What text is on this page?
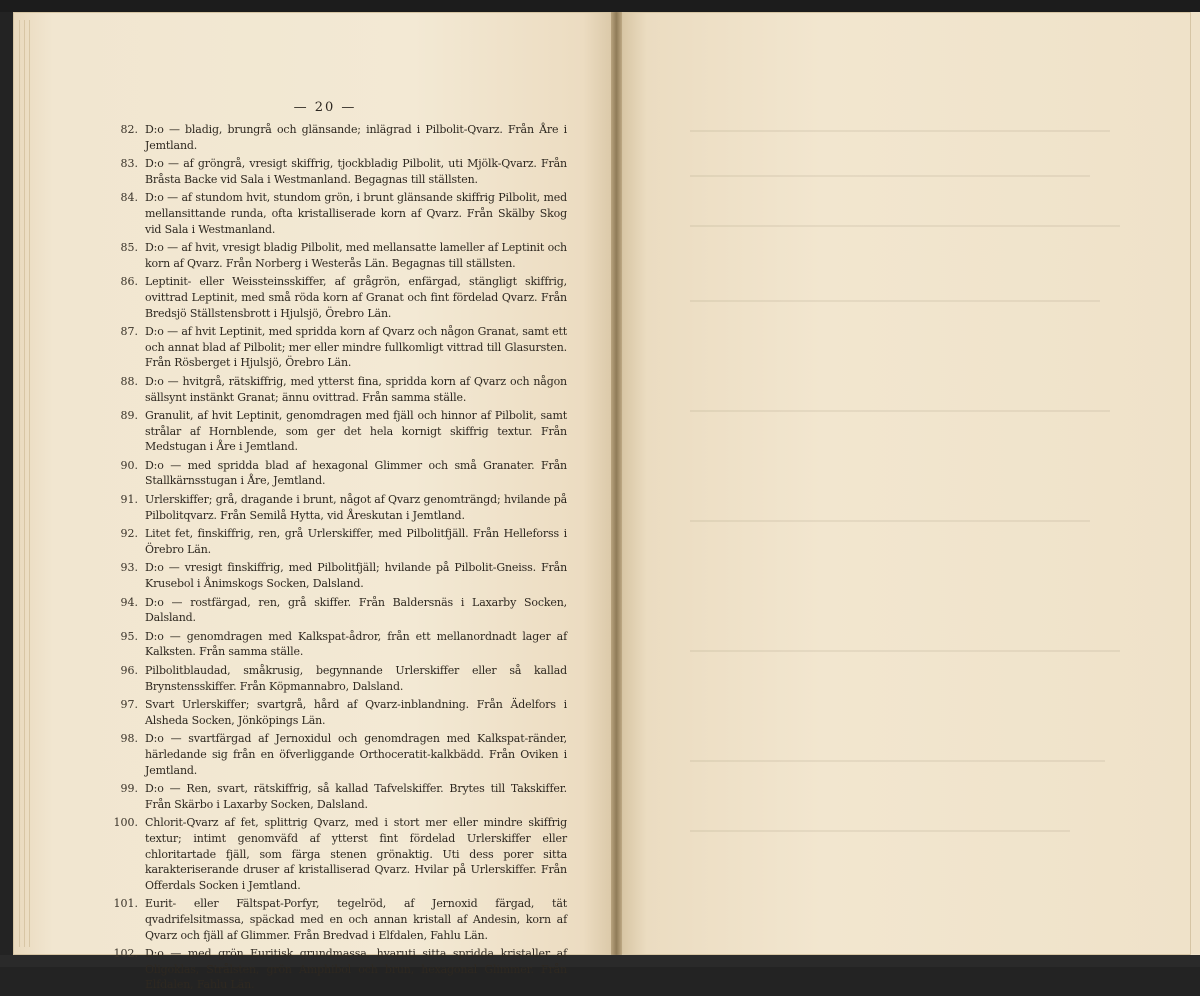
— 20 —
82. D:o — bladig, brungrå och glänsande; inlägrad i Pilbolit-Qvarz. Från Åre i Jemtland.
83. D:o — af gröngrå, vresigt skiffrig, tjockbladig Pilbolit, uti Mjölk-Qvarz. Från Bråsta Backe vid Sala i Westmanland. Begagnas till ställsten.
84. D:o — af stundom hvit, stundom grön, i brunt glänsande skiffrig Pilbolit, med mellansittande runda, ofta kristalliserade korn af Qvarz. Från Skälby Skog vid Sala i Westmanland.
85. D:o — af hvit, vresigt bladig Pilbolit, med mellansatte lameller af Leptinit och korn af Qvarz. Från Norberg i Westerås Län. Begagnas till ställsten.
86. Leptinit- eller Weissteinsskiffer, af grågrön, enfärgad, stängligt skiffrig, ovittrad Leptinit, med små röda korn af Granat och fint fördelad Qvarz. Från Bredsjö Ställstensbrott i Hjulsjö, Örebro Län.
87. D:o — af hvit Leptinit, med spridda korn af Qvarz och någon Granat, samt ett och annat blad af Pilbolit; mer eller mindre fullkomligt vittrad till Glasursten. Från Rösberget i Hjulsjö, Örebro Län.
88. D:o — hvitgrå, rätskiffrig, med ytterst fina, spridda korn af Qvarz och någon sällsynt instänkt Granat; ännu ovittrad. Från samma ställe.
89. Granulit, af hvit Leptinit, genomdragen med fjäll och hinnor af Pilbolit, samt strålar af Hornblende, som ger det hela kornigt skiffrig textur. Från Medstugan i Åre i Jemtland.
90. D:o — med spridda blad af hexagonal Glimmer och små Granater. Från Stallkärnsstugan i Åre, Jemtland.
91. Urlerskiffer; grå, dragande i brunt, något af Qvarz genomträngd; hvilande på Pilbolitqvarz. Från Semilå Hytta, vid Åreskutan i Jemtland.
92. Litet fet, finskiffrig, ren, grå Urlerskiffer, med Pilbolitfjäll. Från Helleforss i Örebro Län.
93. D:o — vresigt finskiffrig, med Pilbolitfjäll; hvilande på Pilbolit-Gneiss. Från Krusebol i Ånimskogs Socken, Dalsland.
94. D:o — rostfärgad, ren, grå skiffer. Från Baldersnäs i Laxarby Socken, Dalsland.
95. D:o — genomdragen med Kalkspat-ådror, från ett mellanordnadt lager af Kalksten. Från samma ställe.
96. Pilbolitblaudad, småkrusig, begynnande Urlerskiffer eller så kallad Brynstensskiffer. Från Köpmannabro, Dalsland.
97. Svart Urlerskiffer; svartgrå, hård af Qvarz-inblandning. Från Ädelfors i Alsheda Socken, Jönköpings Län.
98. D:o — svartfärgad af Jernoxidul och genomdragen med Kalkspat-ränder, härledande sig från en öfverliggande Orthoceratit-kalkbädd. Från Oviken i Jemtland.
99. D:o — Ren, svart, rätskiffrig, så kallad Tafvelskiffer. Brytes till Takskiffer. Från Skärbo i Laxarby Socken, Dalsland.
100. Chlorit-Qvarz af fet, splittrig Qvarz, med i stort mer eller mindre skiffrig textur; intimt genomväfd af ytterst fint fördelad Urlerskiffer eller chloritartade fjäll, som färga stenen grönaktig. Uti dess porer sitta karakteriserande druser af kristalliserad Qvarz. Hvilar på Urlerskiffer. Från Offerdals Socken i Jemtland.
101. Eurit- eller Fältspat-Porfyr, tegelröd, af Jernoxid färgad, tät qvadrifelsitmassa, späckad med en och annan kristall af Andesin, korn af Qvarz och fjäll af Glimmer. Från Bredvad i Elfdalen, Fahlu Län.
102. D:o — med grön Euritisk grundmassa, hvaruti sitta spridda kristaller af Oligoklas, Strålsten, grön Amphibol och brun, hexagonal Glimmer. Från Elfdalen, Fahlu Län.
